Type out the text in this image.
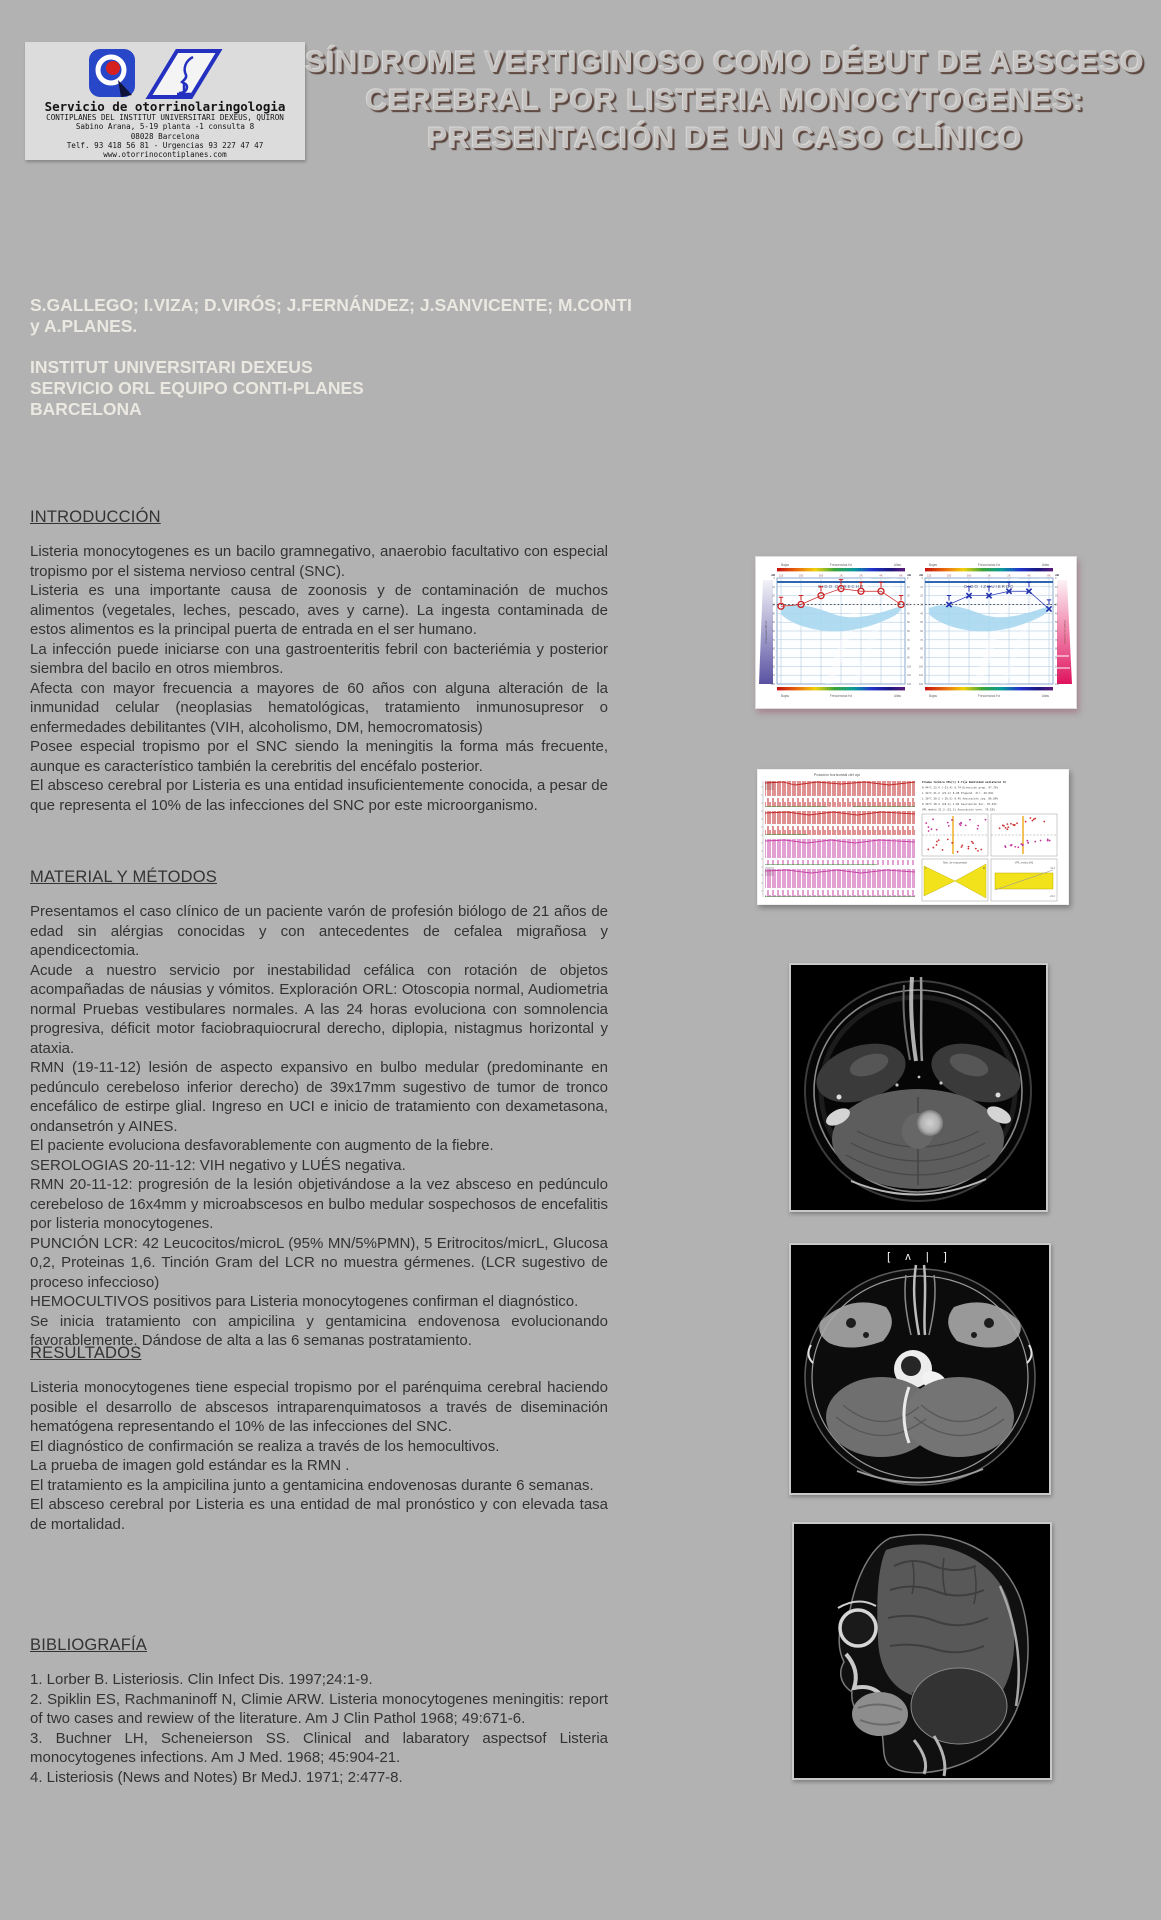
Servicio de otorrinolaringologia
CONTIPLANES DEL INSTITUT UNIVERSITARI DEXEUS, QUIRON
Sabino Arana, 5-19 planta -1 consulta 8
08028 Barcelona
Telf. 93 418 56 81 - Urgencias 93 227 47 47
www.otorrinocontiplanes.com
SÍNDROME VERTIGINOSO COMO DÉBUT DE ABSCESO
CEREBRAL POR LISTERIA MONOCYTOGENES:
PRESENTACIÓN DE UN CASO CLÍNICO
S.GALLEGO; I.VIZA; D.VIRÓS; J.FERNÁNDEZ; J.SANVICENTE; M.CONTI
y A.PLANES.
INSTITUT UNIVERSITARI DEXEUS
SERVICIO ORL EQUIPO CONTI-PLANES
BARCELONA
INTRODUCCIÓN

Listeria monocytogenes es un bacilo gramnegativo, anaerobio facultativo con especial tropismo por el sistema nervioso central (SNC).

Listeria es una importante causa de zoonosis y de contaminación de muchos alimentos (vegetales, leches, pescado, aves y carne). La ingesta contaminada de estos alimentos es la principal puerta de entrada en el ser humano.

La infección puede iniciarse con una gastroenteritis febril con bacteriémia y posterior siembra del bacilo en otros miembros.

Afecta con mayor frecuencia a mayores de 60 años con alguna alteración de la inmunidad celular (neoplasias hematológicas, tratamiento inmunosupresor o enfermedades debilitantes (VIH, alcoholismo, DM, hemocromatosis)

Posee especial tropismo por el SNC siendo la meningitis la forma más frecuente, aunque es característico también la cerebritis del encéfalo posterior.

El absceso cerebral por Listeria es una entidad insuficientemente conocida, a pesar de que representa el 10% de las infecciones del SNC por este microorganismo.

MATERIAL Y MÉTODOS

Presentamos el caso clínico de un paciente varón de profesión biólogo de 21 años de edad sin alérgias conocidas y con antecedentes de cefalea migrañosa y apendicectomia.

Acude a nuestro servicio por inestabilidad cefálica con rotación de objetos acompañadas de náusias y vómitos. Exploración ORL: Otoscopia normal, Audiometria normal Pruebas vestibulares normales. A las 24 horas evoluciona con somnolencia progresiva, déficit motor faciobraquiocrural derecho, diplopia, nistagmus horizontal y ataxia.

RMN (19-11-12) lesión de aspecto expansivo en bulbo medular (predominante en pedúnculo cerebeloso inferior derecho) de 39x17mm sugestivo de tumor de tronco encefálico de estirpe glial. Ingreso en UCI e inicio de tratamiento con dexametasona, ondansetrón y AINES.

El paciente evoluciona desfavorablemente con augmento de la fiebre.

SEROLOGIAS 20-11-12: VIH negativo y LUÉS negativa.

RMN 20-11-12: progresión de la lesión objetivándose a la vez absceso en pedúnculo cerebeloso de 16x4mm y microabscesos en bulbo medular sospechosos de encefalitis por listeria monocytogenes.

PUNCIÓN LCR: 42 Leucocitos/microL (95% MN/5%PMN), 5 Eritrocitos/micrL, Glucosa 0,2, Proteinas 1,6. Tinción Gram del LCR no muestra gérmenes. (LCR sugestivo de proceso infeccioso)

HEMOCULTIVOS positivos para Listeria monocytogenes confirman el diagnóstico.

Se inicia tratamiento con ampicilina y gentamicina endovenosa evolucionando favorablemente. Dándose de alta a las 6 semanas postratamiento.

RESULTADOS

Listeria monocytogenes tiene especial tropismo por el parénquima cerebral haciendo posible el desarrollo de abscesos intraparenquimatosos a través de diseminación hematógena representando el 10% de las infecciones del SNC.

El diagnóstico de confirmación se realiza a través de los hemocultivos.

La prueba de imagen gold estándar es la RMN .

El tratamiento es la ampicilina junto a gentamicina endovenosas durante 6 semanas.

El absceso cerebral por Listeria es una entidad de mal pronóstico y con elevada tasa de mortalidad.

BIBLIOGRAFÍA

1. Lorber B. Listeriosis. Clin Infect Dis. 1997;24:1-9.

2. Spiklin ES, Rachmaninoff N, Climie ARW. Listeria monocytogenes meningitis: report of two cases and rewiew of the literature. Am J Clin Pathol 1968; 49:671-6.

3. Buchner LH, Scheneierson SS. Clinical and labaratory aspectsof Listeria monocytogenes infections. Am J Med. 1968; 45:904-21.

4. Listeriosis (News and Notes) Br MedJ. 1971; 2:477-8.

Bajas	Frecuencias Hz	Altas	Bajas	Frecuencias Hz	Altas
Bajas	Frecuencias Hz	Altas	Bajas	Frecuencias Hz	Altas
OIDO DERECHO	OIDO IZQUIERDO
Intensidad dB HL	Grado de pérdida
125	250	500	1K	2K	4K	8K	125	250	500	1K	2K	4K	8K
0	0	0	0
10	10	10	10
20	20	20	20
30	30	30	30
40	40	40	40
50	50	50	50
60	60	60	60
70	70	70	70
80	80	80	80
90	90	90	90
100	100	100	100
110	110	110	110
120	120	120	120
dB	dB	dB	dB
Posición horizontal del ojo
Prueba térmica VPL[%] Í.fija Debilidad unilateral 3%
R 44°C 23.4 (-23.4) 0.74 Dirección prep. 47.75%
L 44°C 21.2 (21.2) 0.28 Prepond. dir. 49.84%
L 30°C 20.5 (-20.5) 0.45 Asociación izq. 86.69%
R 30°C 18.4 (18.4) 1.02 Asociación der. 70.52%
VPL medio 21.3 (21.3) Asociación vert. 70.52%
Nist. de respuestas
L	R
VPL medio [%]
21.2
-24.2
[ ʌ | ]
